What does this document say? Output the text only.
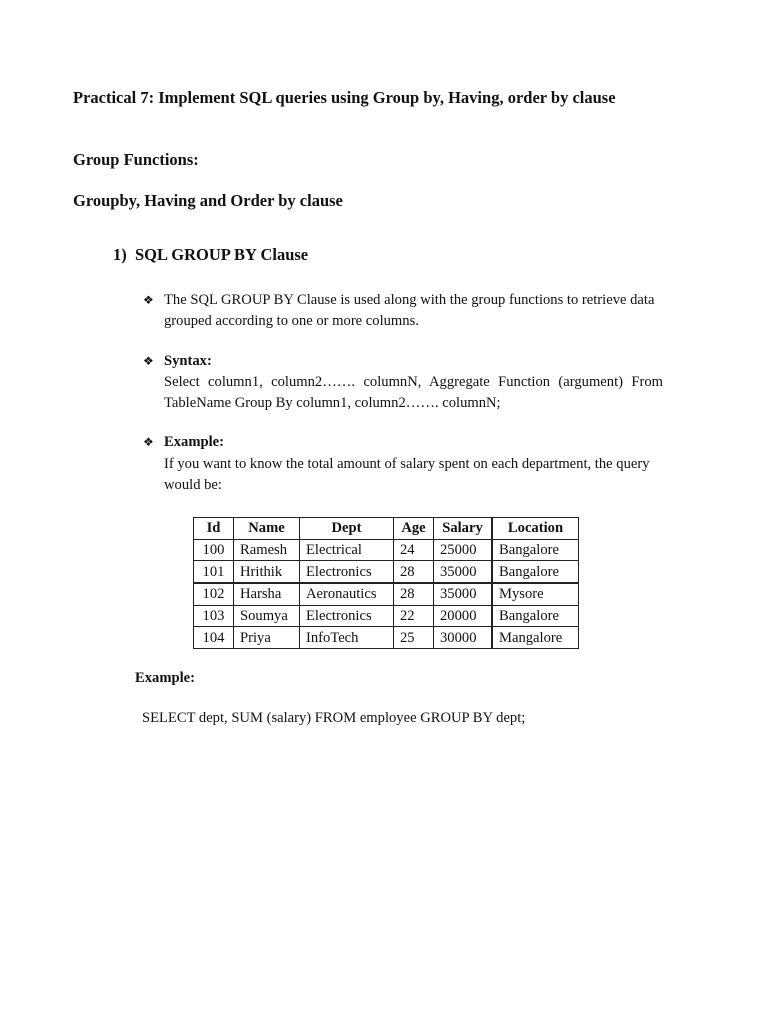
Practical 7: Implement SQL queries using Group by, Having, order by clause
Group Functions:
Groupby, Having and Order by clause
1) SQL GROUP BY Clause
❖ The SQL GROUP BY Clause is used along with the group functions to retrieve data
grouped according to one or more columns.
❖ Syntax:
Select column1, column2……. columnN, Aggregate Function (argument) From
TableName Group By column1, column2……. columnN;
❖ Example:
If you want to know the total amount of salary spent on each department, the query
would be:
Id	Name	Dept	Age	Salary	Location
100	Ramesh	Electrical	24	25000	Bangalore
101	Hrithik	Electronics	28	35000	Bangalore
102	Harsha	Aeronautics	28	35000	Mysore
103	Soumya	Electronics	22	20000	Bangalore
104	Priya	InfoTech	25	30000	Mangalore
Example:
SELECT dept, SUM (salary) FROM employee GROUP BY dept;
